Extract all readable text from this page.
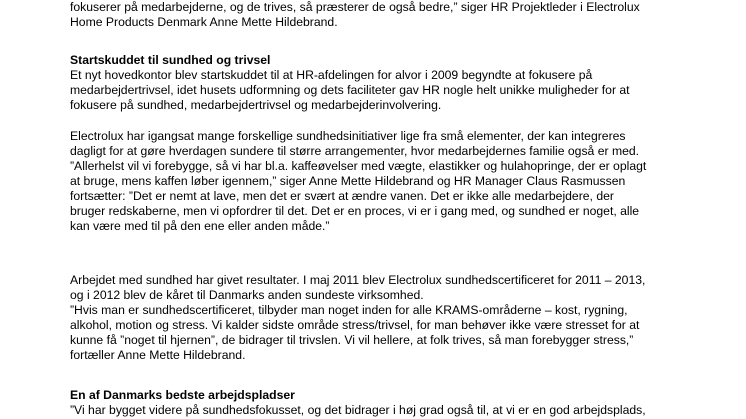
fokuserer på medarbejderne, og de trives, så præsterer de også bedre,” siger HR Projektleder i Electrolux
Home Products Denmark Anne Mette Hildebrand.
Startskuddet til sundhed og trivsel
Et nyt hovedkontor blev startskuddet til at HR-afdelingen for alvor i 2009 begyndte at fokusere på
medarbejdertrivsel, idet husets udformning og dets faciliteter gav HR nogle helt unikke muligheder for at
fokusere på sundhed, medarbejdertrivsel og medarbejderinvolvering.
Electrolux har igangsat mange forskellige sundhedsinitiativer lige fra små elementer, der kan integreres
dagligt for at gøre hverdagen sundere til større arrangementer, hvor medarbejdernes familie også er med.
”Allerhelst vil vi forebygge, så vi har bl.a. kaffeøvelser med vægte, elastikker og hulahopringe, der er oplagt
at bruge, mens kaffen løber igennem,” siger Anne Mette Hildebrand og HR Manager Claus Rasmussen
fortsætter: ”Det er nemt at lave, men det er svært at ændre vanen. Det er ikke alle medarbejdere, der
bruger redskaberne, men vi opfordrer til det. Det er en proces, vi er i gang med, og sundhed er noget, alle
kan være med til på den ene eller anden måde.”
Arbejdet med sundhed har givet resultater. I maj 2011 blev Electrolux sundhedscertificeret for 2011 – 2013,
og i 2012 blev de kåret til Danmarks anden sundeste virksomhed.
”Hvis man er sundhedscertificeret, tilbyder man noget inden for alle KRAMS-områderne – kost, rygning,
alkohol, motion og stress. Vi kalder sidste område stress/trivsel, for man behøver ikke være stresset for at
kunne få ”noget til hjernen”, de bidrager til trivslen. Vi vil hellere, at folk trives, så man forebygger stress,”
fortæller Anne Mette Hildebrand.
En af Danmarks bedste arbejdspladser
”Vi har bygget videre på sundhedsfokusset, og det bidrager i høj grad også til, at vi er en god arbejdsplads,
